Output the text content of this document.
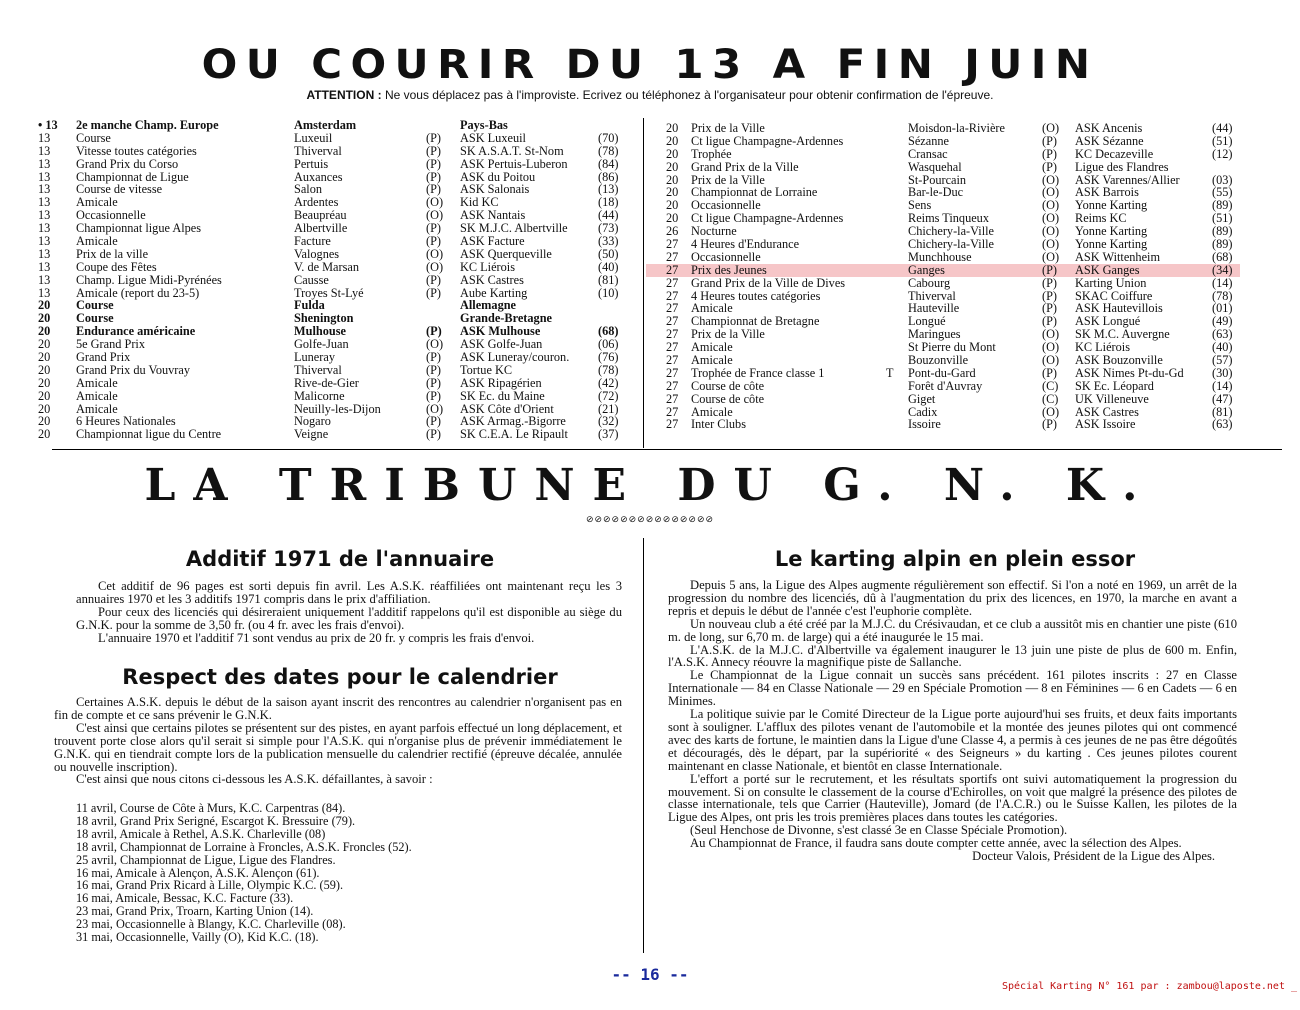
OU COURIR DU 13 A FIN JUIN
ATTENTION : Ne vous déplacez pas à l'improviste. Ecrivez ou téléphonez à l'organisateur pour obtenir confirmation de l'épreuve.
• 13 2e manche Champ. Europe	Amsterdam	Pays-Bas
13 Course	Luxeuil	(P) ASK Luxeuil	(70)
13 Vitesse toutes catégories	Thiverval	(P) SK A.S.A.T. St-Nom	(78)
13 Grand Prix du Corso	Pertuis	(P) ASK Pertuis-Luberon (84)
13 Championnat de Ligue	Auxances	(P) ASK du Poitou	(86)
13 Course de vitesse	Salon	(P) ASK Salonais	(13)
13 Amicale	Ardentes	(O) Kid KC	(18)
13 Occasionnelle	Beaupréau	(O) ASK Nantais	(44)
13 Championnat ligue Alpes	Albertville	(P) SK M.J.C. Albertville (73)
13 Amicale	Facture	(P) ASK Facture	(33)
13 Prix de la ville	Valognes	(O) ASK Querqueville	(50)
13 Coupe des Fêtes	V. de Marsan	(O) KC Liérois	(40)
13 Champ. Ligue Midi-Pyrénées	Causse	(P) ASK Castres	(81)
13 Amicale (report du 23-5)	Troyes St-Lyé	(P) Aube Karting	(10)
20 Course	Fulda	Allemagne
20 Course	Shenington	Grande-Bretagne
20 Endurance américaine	Mulhouse	(P) ASK Mulhouse	(68)
20 5e Grand Prix	Golfe-Juan	(O) ASK Golfe-Juan	(06)
20 Grand Prix	Luneray	(P) ASK Luneray/couron. (76)
20 Grand Prix du Vouvray	Thiverval	(P) Tortue KC	(78)
20 Amicale	Rive-de-Gier	(P) ASK Ripagérien	(42)
20 Amicale	Malicorne	(P) SK Ec. du Maine	(72)
20 Amicale	Neuilly-les-Dijon	(O) ASK Côte d'Orient	(21)
20 6 Heures Nationales	Nogaro	(P) ASK Armag.-Bigorre	(32)
20 Championnat ligue du Centre	Veigne	(P) SK C.E.A. Le Ripault (37)
20 Prix de la Ville	Moisdon-la-Rivière	(O) ASK Ancenis	(44)
20 Ct ligue Champagne-Ardennes	Sézanne	(P) ASK Sézanne	(51)
20 Trophée	Cransac	(P) KC Decazeville	(12)
20 Grand Prix de la Ville	Wasquehal	(P) Ligue des Flandres
20 Prix de la Ville	St-Pourcain	(O) ASK Varennes/Allier	(03)
20 Championnat de Lorraine	Bar-le-Duc	(O) ASK Barrois	(55)
20 Occasionnelle	Sens	(O) Yonne Karting	(89)
20 Ct ligue Champagne-Ardennes	Reims Tinqueux	(O) Reims KC	(51)
26 Nocturne	Chichery-la-Ville	(O) Yonne Karting	(89)
27 4 Heures d'Endurance	Chichery-la-Ville	(O) Yonne Karting	(89)
27 Occasionnelle	Munchhouse	(O) ASK Wittenheim	(68)
27 Prix des Jeunes	Ganges	(P) ASK Ganges	(34)
27 Grand Prix de la Ville de Dives	Cabourg	(P) Karting Union	(14)
27 4 Heures toutes catégories	Thiverval	(P) SKAC Coiffure	(78)
27 Amicale	Hauteville	(P) ASK Hautevillois	(01)
27 Championnat de Bretagne	Longué	(P) ASK Longué	(49)
27 Prix de la Ville	Maringues	(O) SK M.C. Auvergne	(63)
27 Amicale	St Pierre du Mont	(O) KC Liérois	(40)
27 Amicale	Bouzonville	(O) ASK Bouzonville	(57)
27 Trophée de France classe 1	T Pont-du-Gard	(P) ASK Nimes Pt-du-Gd (30)
27 Course de côte	Forêt d'Auvray	(C) SK Ec. Léopard	(14)
27 Course de côte	Giget	(C) UK Villeneuve	(47)
27 Amicale	Cadix	(O) ASK Castres	(81)
27 Inter Clubs	Issoire	(P) ASK Issoire	(63)
LA TRIBUNE DU G. N. K.
⊘⊘⊘⊘⊘⊘⊘⊘⊘⊘⊘⊘⊘⊘⊘
Additif 1971 de l'annuaire
Cet additif de 96 pages est sorti depuis fin avril. Les A.S.K. réaffiliées ont maintenant reçu les 3 annuaires 1970 et les 3 additifs 1971 compris dans le prix d'affiliation.
Pour ceux des licenciés qui désireraient uniquement l'additif rappelons qu'il est disponible au siège du G.N.K. pour la somme de 3,50 fr. (ou 4 fr. avec les frais d'envoi).
L'annuaire 1970 et l'additif 71 sont vendus au prix de 20 fr. y compris les frais d'envoi.
Respect des dates pour le calendrier
Certaines A.S.K. depuis le début de la saison ayant inscrit des rencontres au calendrier n'organisent pas en fin de compte et ce sans prévenir le G.N.K.
C'est ainsi que certains pilotes se présentent sur des pistes, en ayant parfois effectué un long déplacement, et trouvent porte close alors qu'il serait si simple pour l'A.S.K. qui n'organise plus de prévenir immédiatement le G.N.K. qui en tiendrait compte lors de la publication mensuelle du calendrier rectifié (épreuve décalée, annulée ou nouvelle inscription).
C'est ainsi que nous citons ci-dessous les A.S.K. défaillantes, à savoir :
11 avril, Course de Côte à Murs, K.C. Carpentras (84).
18 avril, Grand Prix Serigné, Escargot K. Bressuire (79).
18 avril, Amicale à Rethel, A.S.K. Charleville (08)
18 avril, Championnat de Lorraine à Froncles, A.S.K. Froncles (52).
25 avril, Championnat de Ligue, Ligue des Flandres.
16 mai, Amicale à Alençon, A.S.K. Alençon (61).
16 mai, Grand Prix Ricard à Lille, Olympic K.C. (59).
16 mai, Amicale, Bessac, K.C. Facture (33).
23 mai, Grand Prix, Troarn, Karting Union (14).
23 mai, Occasionnelle à Blangy, K.C. Charleville (08).
31 mai, Occasionnelle, Vailly (O), Kid K.C. (18).
Le karting alpin en plein essor
Depuis 5 ans, la Ligue des Alpes augmente régulièrement son effectif. Si l'on a noté en 1969, un arrêt de la progression du nombre des licenciés, dû à l'augmentation du prix des licences, en 1970, la marche en avant a repris et depuis le début de l'année c'est l'euphorie complète.
Un nouveau club a été créé par la M.J.C. du Crésivaudan, et ce club a aussitôt mis en chantier une piste (610 m. de long, sur 6,70 m. de large) qui a été inaugurée le 15 mai.
L'A.S.K. de la M.J.C. d'Albertville va également inaugurer le 13 juin une piste de plus de 600 m. Enfin, l'A.S.K. Annecy réouvre la magnifique piste de Sallanche.
Le Championnat de la Ligue connait un succès sans précédent. 161 pilotes inscrits : 27 en Classe Internationale — 84 en Classe Nationale — 29 en Spéciale Promotion — 8 en Féminines — 6 en Cadets — 6 en Minimes.
La politique suivie par le Comité Directeur de la Ligue porte aujourd'hui ses fruits, et deux faits importants sont à souligner. L'afflux des pilotes venant de l'automobile et la montée des jeunes pilotes qui ont commencé avec des karts de fortune, le maintien dans la Ligue d'une Classe 4, a permis à ces jeunes de ne pas être dégoûtés et découragés, dès le départ, par la supériorité « des Seigneurs » du karting . Ces jeunes pilotes courent maintenant en classe Nationale, et bientôt en classe Internationale.
L'effort a porté sur le recrutement, et les résultats sportifs ont suivi automatiquement la progression du mouvement. Si on consulte le classement de la course d'Echirolles, on voit que malgré la présence des pilotes de classe internationale, tels que Carrier (Hauteville), Jomard (de l'A.C.R.) ou le Suisse Kallen, les pilotes de la Ligue des Alpes, ont pris les trois premières places dans toutes les catégories.
(Seul Henchose de Divonne, s'est classé 3e en Classe Spéciale Promotion).
Au Championnat de France, il faudra sans doute compter cette année, avec la sélection des Alpes.
Docteur Valois, Président de la Ligue des Alpes.
-- 16 --
Spécial Karting N° 161 par : zambou@laposte.net _
